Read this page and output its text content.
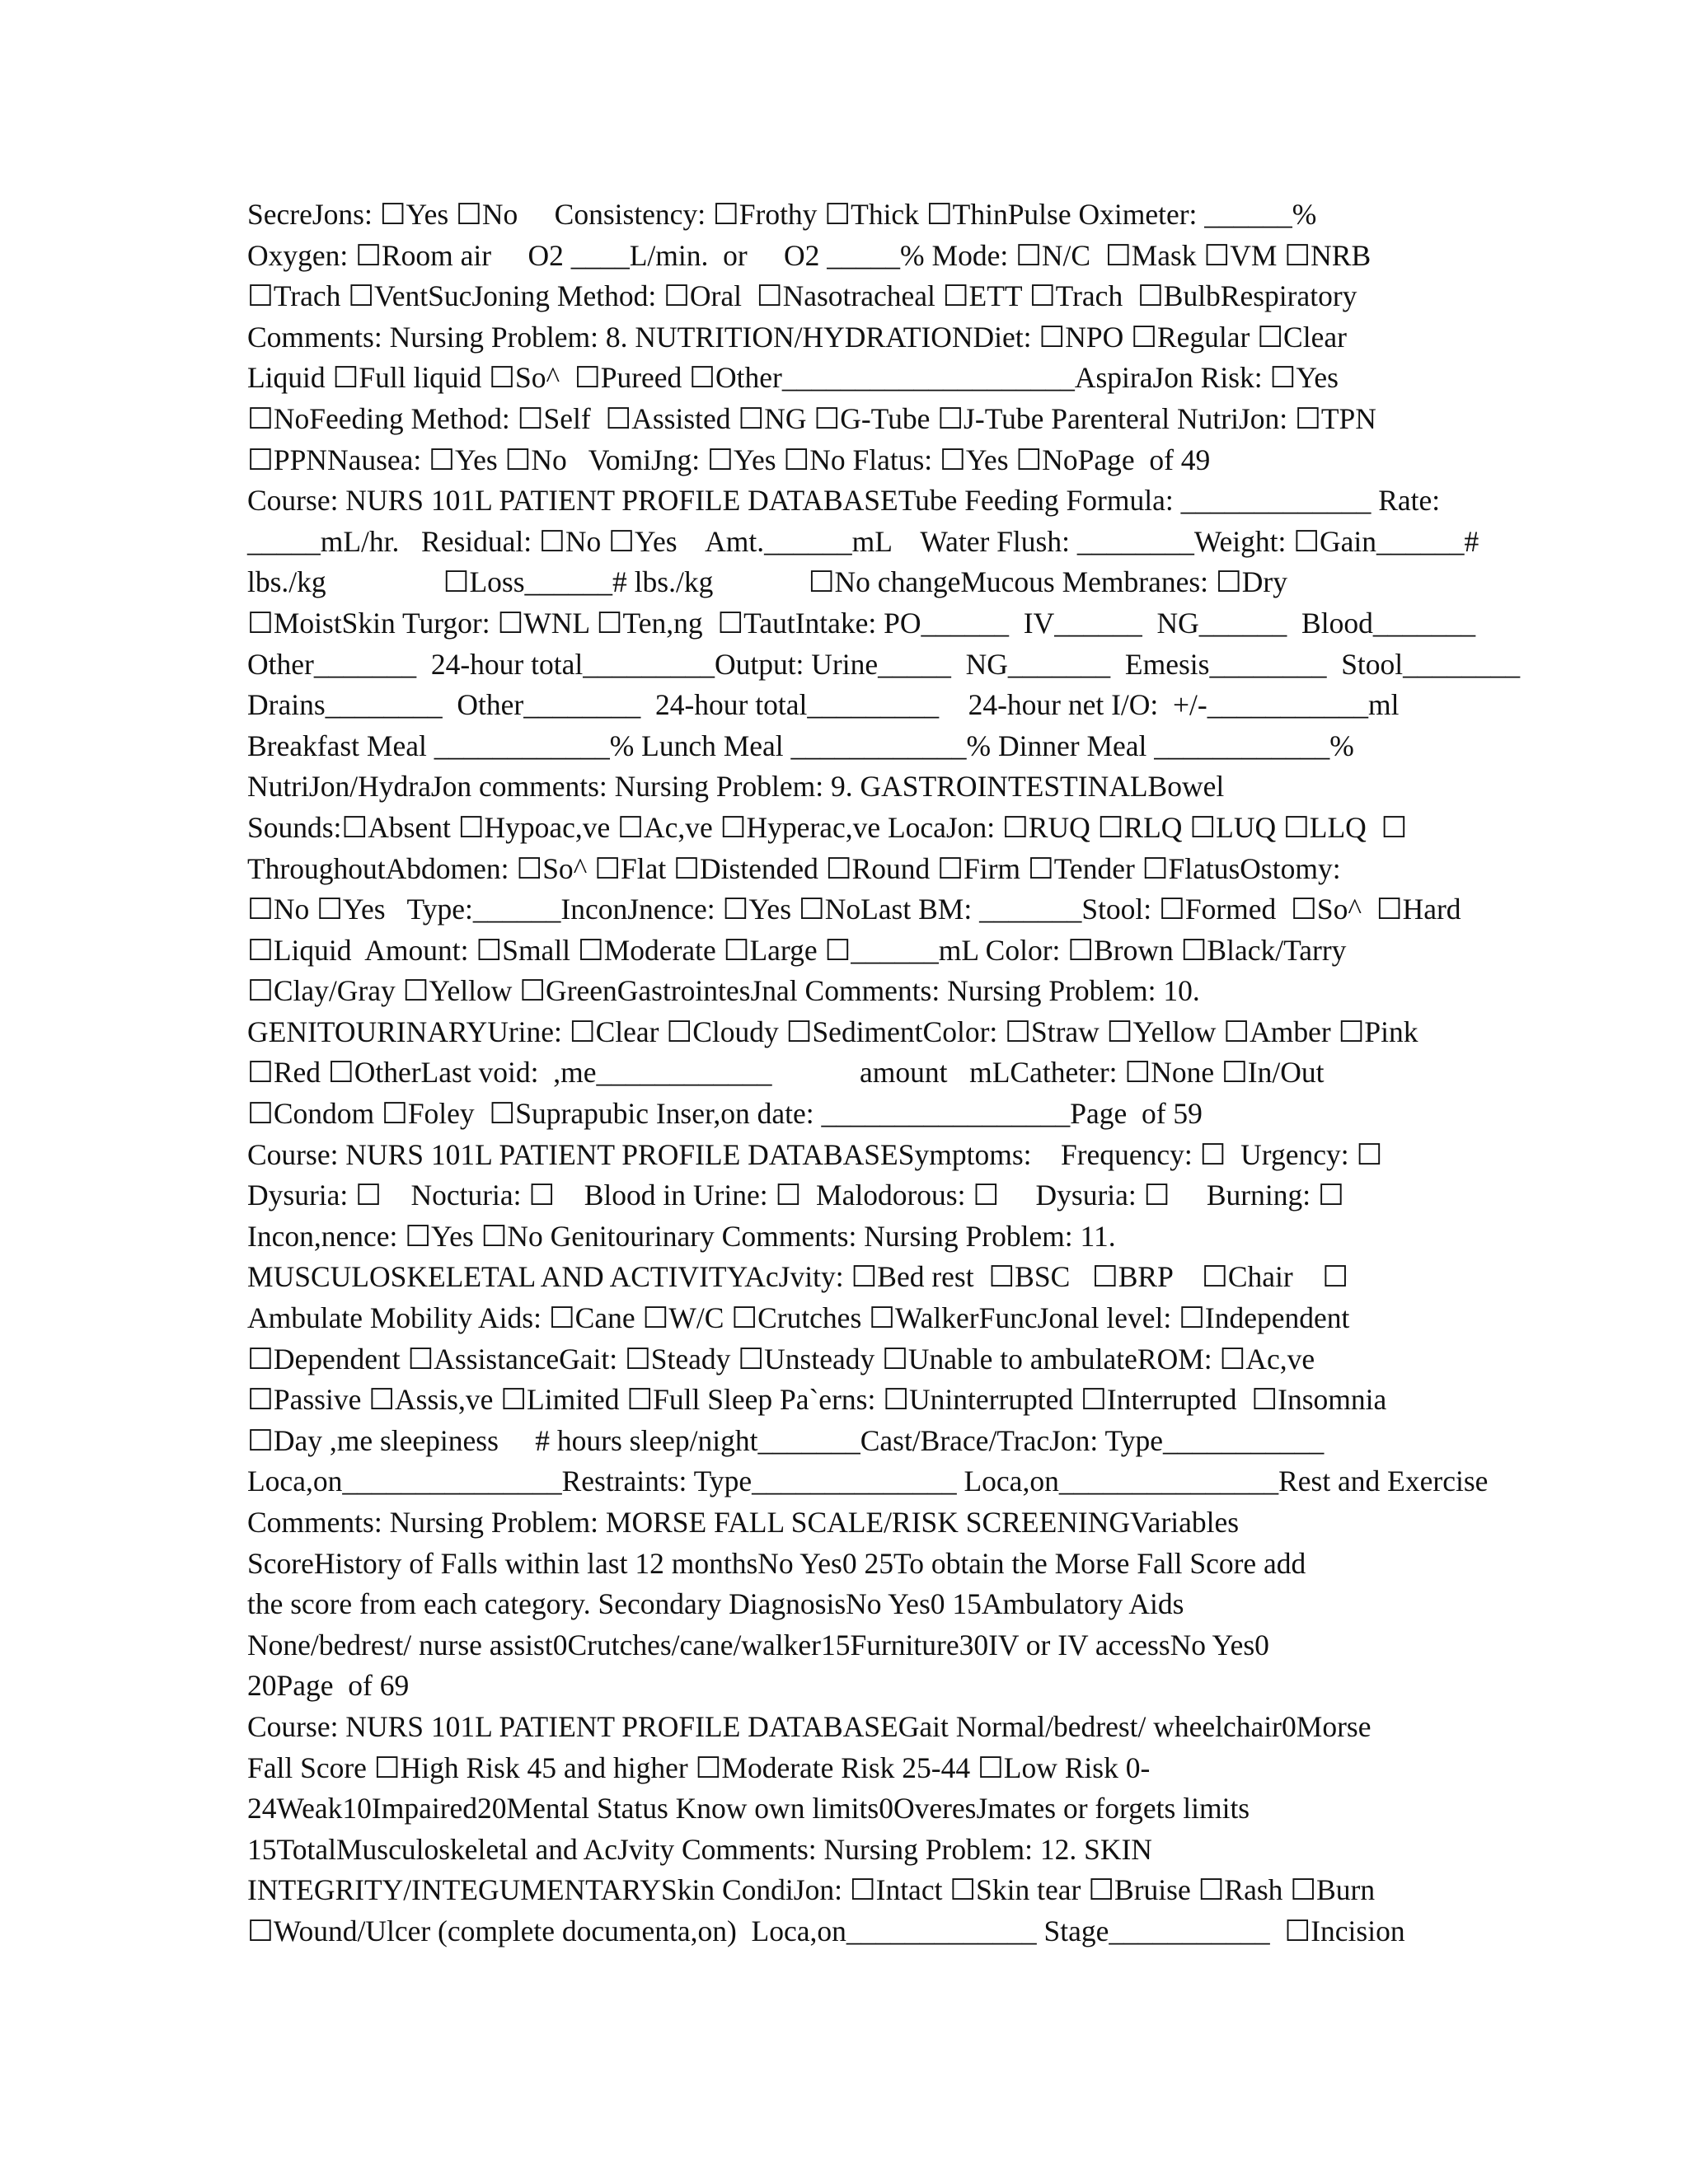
SecreJons: ☐Yes ☐No     Consistency: ☐Frothy ☐Thick ☐ThinPulse Oximeter: ______%
Oxygen: ☐Room air     O2 ____L/min.  or     O2 _____% Mode: ☐N/C  ☐Mask ☐VM ☐NRB
☐Trach ☐VentSucJoning Method: ☐Oral  ☐Nasotracheal ☐ETT ☐Trach  ☐BulbRespiratory
Comments: Nursing Problem: 8. NUTRITION/HYDRATIONDiet: ☐NPO ☐Regular ☐Clear
Liquid ☐Full liquid ☐So^  ☐Pureed ☐Other____________________AspiraJon Risk: ☐Yes
☐NoFeeding Method: ☐Self  ☐Assisted ☐NG ☐G-Tube ☐J-Tube Parenteral NutriJon: ☐TPN
☐PPNNausea: ☐Yes ☐No   VomiJng: ☐Yes ☐No Flatus: ☐Yes ☐NoPage  of 49
Course: NURS 101L PATIENT PROFILE DATABASETube Feeding Formula: _____________ Rate:
_____mL/hr.   Residual: ☐No ☐Yes    Amt.______mL    Water Flush: ________Weight: ☐Gain______#
lbs./kg                ☐Loss______# lbs./kg             ☐No changeMucous Membranes: ☐Dry
☐MoistSkin Turgor: ☐WNL ☐Ten,ng  ☐TautIntake: PO______  IV______  NG______  Blood_______
Other_______  24-hour total_________Output: Urine_____  NG_______  Emesis________  Stool________
Drains________  Other________  24-hour total_________    24-hour net I/O:  +/-___________ml
Breakfast Meal ____________% Lunch Meal ____________% Dinner Meal ____________%
NutriJon/HydraJon comments: Nursing Problem: 9. GASTROINTESTINALBowel
Sounds:☐Absent ☐Hypoac,ve ☐Ac,ve ☐Hyperac,ve LocaJon: ☐RUQ ☐RLQ ☐LUQ ☐LLQ  ☐
ThroughoutAbdomen: ☐So^ ☐Flat ☐Distended ☐Round ☐Firm ☐Tender ☐FlatusOstomy:
☐No ☐Yes   Type:______InconJnence: ☐Yes ☐NoLast BM: _______Stool: ☐Formed  ☐So^  ☐Hard
☐Liquid  Amount: ☐Small ☐Moderate ☐Large ☐______mL Color: ☐Brown ☐Black/Tarry
☐Clay/Gray ☐Yellow ☐GreenGastrointesJnal Comments: Nursing Problem: 10.
GENITOURINARYUrine: ☐Clear ☐Cloudy ☐SedimentColor: ☐Straw ☐Yellow ☐Amber ☐Pink
☐Red ☐OtherLast void:  ,me____________            amount   mLCatheter: ☐None ☐In/Out
☐Condom ☐Foley  ☐Suprapubic Inser,on date: _________________Page  of 59
Course: NURS 101L PATIENT PROFILE DATABASESymptoms:    Frequency: ☐  Urgency: ☐
Dysuria: ☐    Nocturia: ☐    Blood in Urine: ☐  Malodorous: ☐     Dysuria: ☐     Burning: ☐
Incon,nence: ☐Yes ☐No Genitourinary Comments: Nursing Problem: 11.
MUSCULOSKELETAL AND ACTIVITYAcJvity: ☐Bed rest  ☐BSC   ☐BRP    ☐Chair    ☐
Ambulate Mobility Aids: ☐Cane ☐W/C ☐Crutches ☐WalkerFuncJonal level: ☐Independent
☐Dependent ☐AssistanceGait: ☐Steady ☐Unsteady ☐Unable to ambulateROM: ☐Ac,ve
☐Passive ☐Assis,ve ☐Limited ☐Full Sleep Pa`erns: ☐Uninterrupted ☐Interrupted  ☐Insomnia
☐Day ,me sleepiness     # hours sleep/night_______Cast/Brace/TracJon: Type___________
Loca,on_______________Restraints: Type______________ Loca,on_______________Rest and Exercise
Comments: Nursing Problem: MORSE FALL SCALE/RISK SCREENINGVariables
ScoreHistory of Falls within last 12 monthsNo Yes0 25To obtain the Morse Fall Score add
the score from each category. Secondary DiagnosisNo Yes0 15Ambulatory Aids
None/bedrest/ nurse assist0Crutches/cane/walker15Furniture30IV or IV accessNo Yes0
20Page  of 69
Course: NURS 101L PATIENT PROFILE DATABASEGait Normal/bedrest/ wheelchair0Morse
Fall Score ☐High Risk 45 and higher ☐Moderate Risk 25-44 ☐Low Risk 0-
24Weak10Impaired20Mental Status Know own limits0OveresJmates or forgets limits
15TotalMusculoskeletal and AcJvity Comments: Nursing Problem: 12. SKIN
INTEGRITY/INTEGUMENTARYSkin CondiJon: ☐Intact ☐Skin tear ☐Bruise ☐Rash ☐Burn
☐Wound/Ulcer (complete documenta,on)  Loca,on_____________ Stage___________  ☐Incision
